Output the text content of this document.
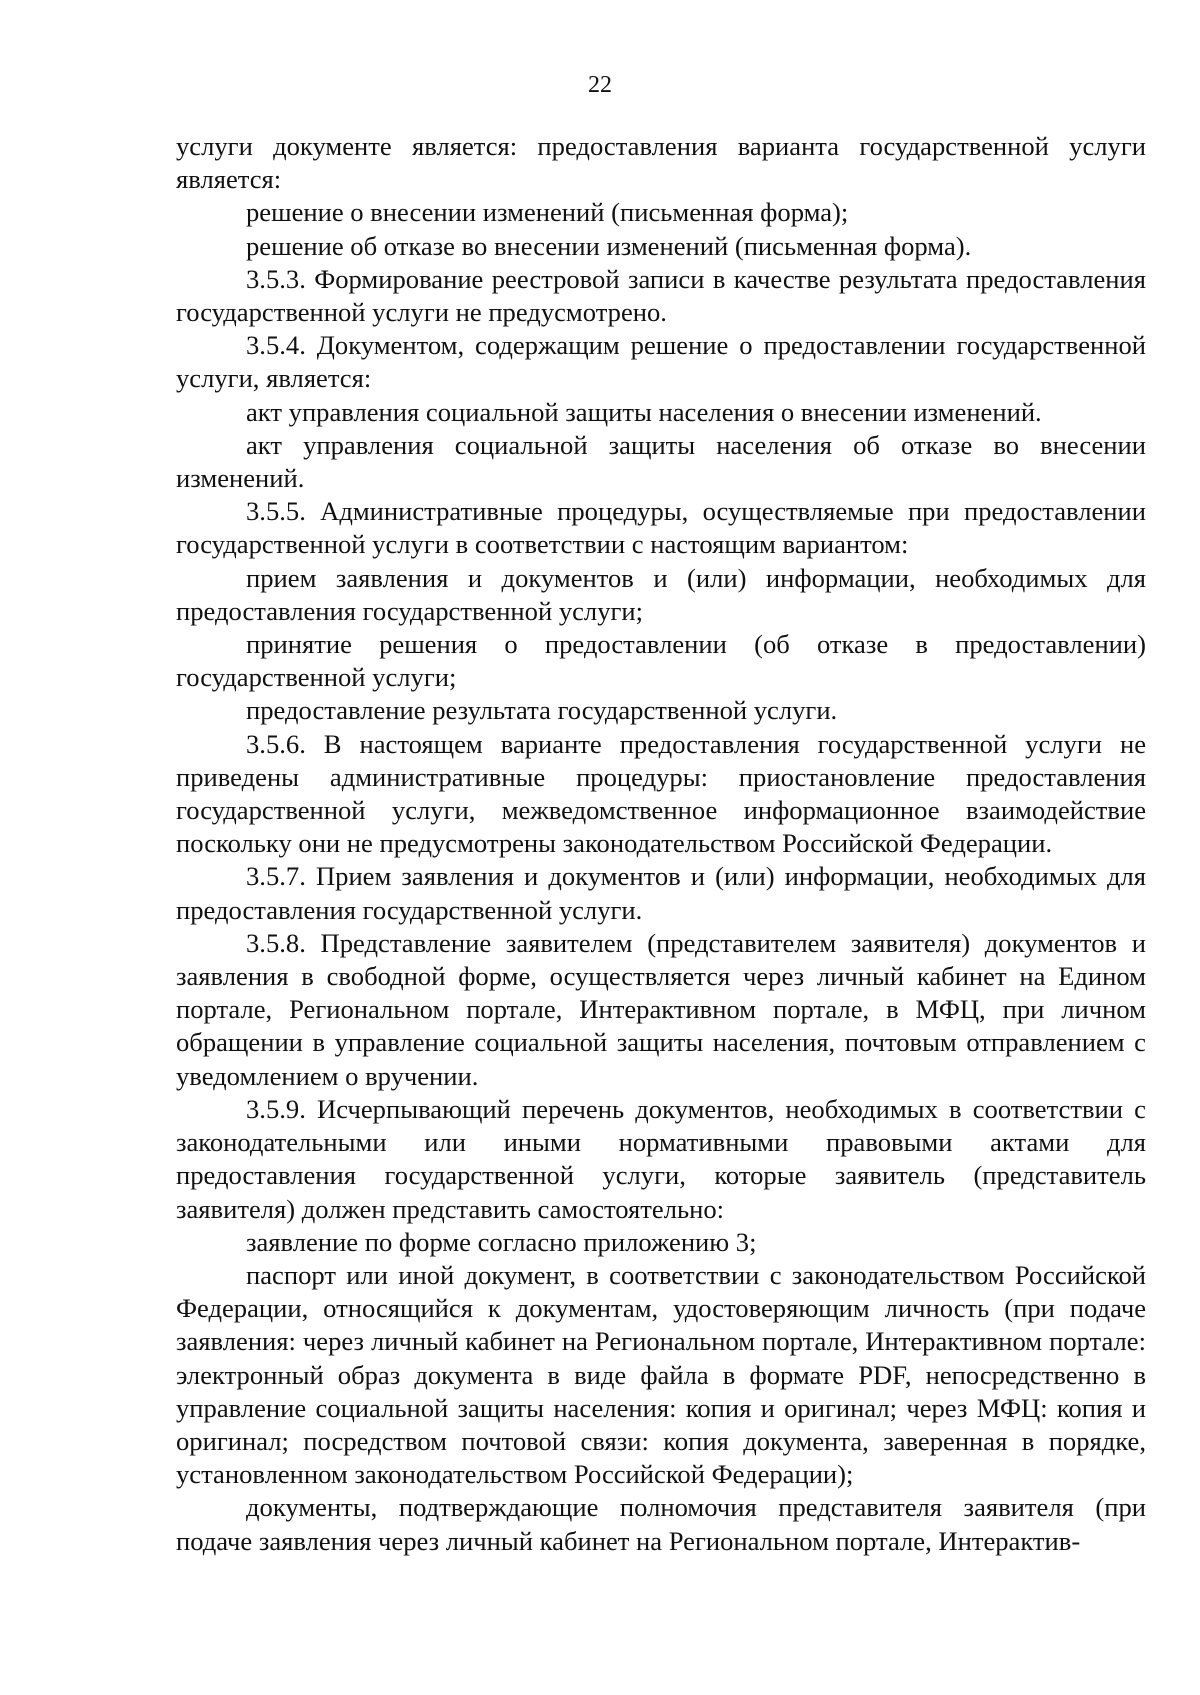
22

услуги документе является: предоставления варианта государственной услуги является:

решение о внесении изменений (письменная форма);

решение об отказе во внесении изменений (письменная форма).

3.5.3. Формирование реестровой записи в качестве результата предоставления государственной услуги не предусмотрено.

3.5.4. Документом, содержащим решение о предоставлении государственной услуги, является:

акт управления социальной защиты населения о внесении изменений.

акт управления социальной защиты населения об отказе во внесении изменений.

3.5.5. Административные процедуры, осуществляемые при предоставлении государственной услуги в соответствии с настоящим вариантом:

прием заявления и документов и (или) информации, необходимых для предоставления государственной услуги;

принятие решения о предоставлении (об отказе в предоставлении) государственной услуги;

предоставление результата государственной услуги.

3.5.6. В настоящем варианте предоставления государственной услуги не приведены административные процедуры: приостановление предоставления государственной услуги, межведомственное информационное взаимодействие поскольку они не предусмотрены законодательством Российской Федерации.

3.5.7. Прием заявления и документов и (или) информации, необходимых для предоставления государственной услуги.

3.5.8. Представление заявителем (представителем заявителя) документов и заявления в свободной форме, осуществляется через личный кабинет на Едином портале, Региональном портале, Интерактивном портале, в МФЦ, при личном обращении в управление социальной защиты населения, почтовым отправлением с уведомлением о вручении.

3.5.9. Исчерпывающий перечень документов, необходимых в соответствии с законодательными или иными нормативными правовыми актами для предоставления государственной услуги, которые заявитель (представитель заявителя) должен представить самостоятельно:

заявление по форме согласно приложению 3;

паспорт или иной документ, в соответствии с законодательством Российской Федерации, относящийся к документам, удостоверяющим личность (при подаче заявления: через личный кабинет на Региональном портале, Интерактивном портале: электронный образ документа в виде файла в формате PDF, непосредственно в управление социальной защиты населения: копия и оригинал; через МФЦ: копия и оригинал; посредством почтовой связи: копия документа, заверенная в порядке, установленном законодательством Российской Федерации);

документы, подтверждающие полномочия представителя заявителя (при подаче заявления через личный кабинет на Региональном портале, Интерактив-
